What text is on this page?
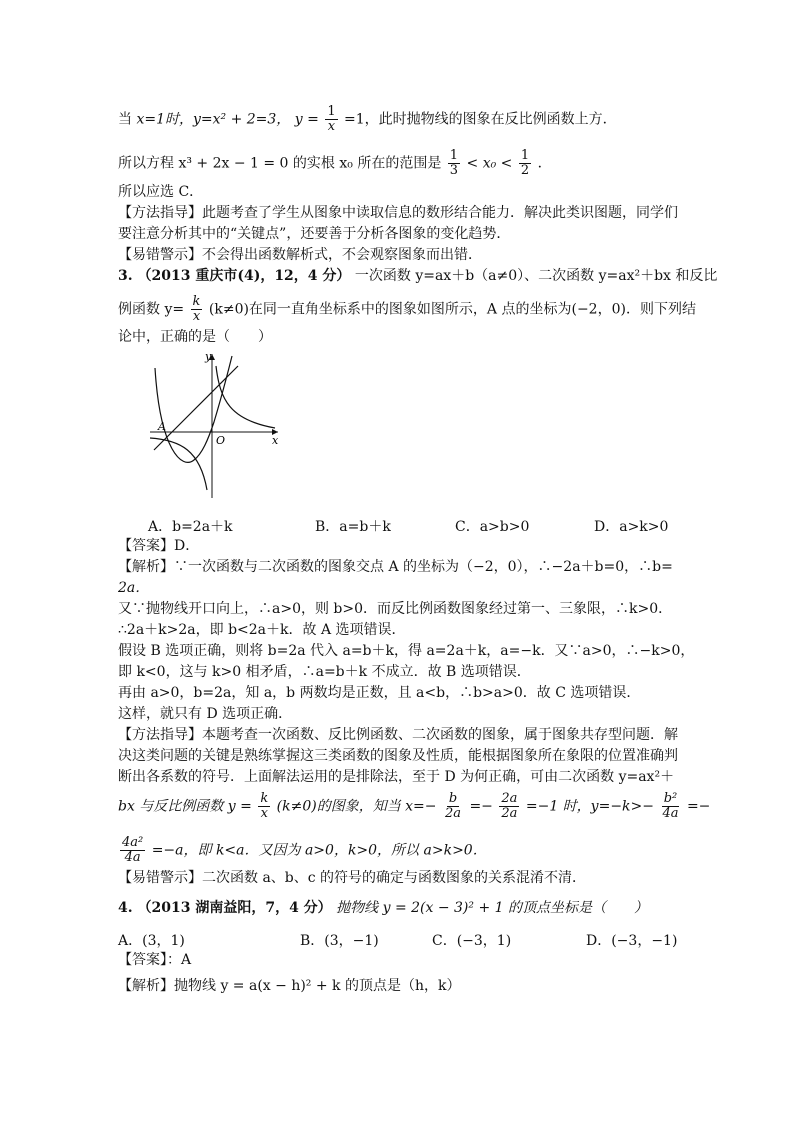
当 x=1时，y=x² + 2=3， $y = \frac{1}{x} =1$，此时抛物线的图象在反比例函数上方．
所以方程 x³ + 2x − 1 = 0 的实根 x₀ 所在的范围是 $\frac{1}{3} < x_0 < \frac{1}{2}$ ．
所以应选 C．
【方法指导】此题考查了学生从图象中读取信息的数形结合能力．解决此类识图题，同学们
要注意分析其中的“关键点”，还要善于分析各图象的变化趋势．
【易错警示】不会得出函数解析式，不会观察图象而出错．
3. （2013 重庆市(4)，12，4 分） 一次函数 y=ax＋b（a≠0）、二次函数 y=ax²＋bx 和反比
例函数 $y= \frac{k}{x} (k\ne 0)$在同一直角坐标系中的图象如图所示，A 点的坐标为(−2，0)．则下列结
论中，正确的是（　　）
y
x
O
A
A．b=2a＋k	B．a=b＋k	C．a>b>0	D．a>k>0
【答案】D．
【解析】∵一次函数与二次函数的图象交点 A 的坐标为（−2，0），∴−2a＋b=0，∴b=
2a．
又∵抛物线开口向上，∴a>0，则 b>0．而反比例函数图象经过第一、三象限，∴k>0．
∴2a＋k>2a，即 b<2a＋k．故 A 选项错误．
假设 B 选项正确，则将 b=2a 代入 a=b＋k，得 a=2a＋k，a=−k．又∵a>0，∴−k>0，
即 k<0，这与 k>0 相矛盾，∴a=b＋k 不成立．故 B 选项错误．
再由 a>0，b=2a，知 a，b 两数均是正数，且 a<b，∴b>a>0．故 C 选项错误．
这样，就只有 D 选项正确．
【方法指导】本题考查一次函数、反比例函数、二次函数的图象，属于图象共存型问题．解
决这类问题的关键是熟练掌握这三类函数的图象及性质，能根据图象所在象限的位置准确判
断出各系数的符号．上面解法运用的是排除法，至于 D 为何正确，可由二次函数 y=ax²＋
bx 与反比例函数 $y = \frac{k}{x} (k\ne 0)$的图象，知当 $x=- \frac{b}{2a} =- \frac{2a}{2a} =-1$ 时，$y=-k>- \frac{\text{b²}}{4a}$ =−
$\frac{\text{4a²}}{4a} =-a$，即 k<a．又因为 a>0，k>0，所以 a>k>0．
【易错警示】二次函数 a、b、c 的符号的确定与函数图象的关系混淆不清．
4. （2013 湖南益阳，7，4 分） 抛物线 y = 2(x − 3)² + 1 的顶点坐标是（　　）
A．(3，1)	B．(3，−1)	C．(−3，1)	D．(−3，−1)
【答案】：A
【解析】抛物线 y = a(x − h)² + k 的顶点是（h，k）
